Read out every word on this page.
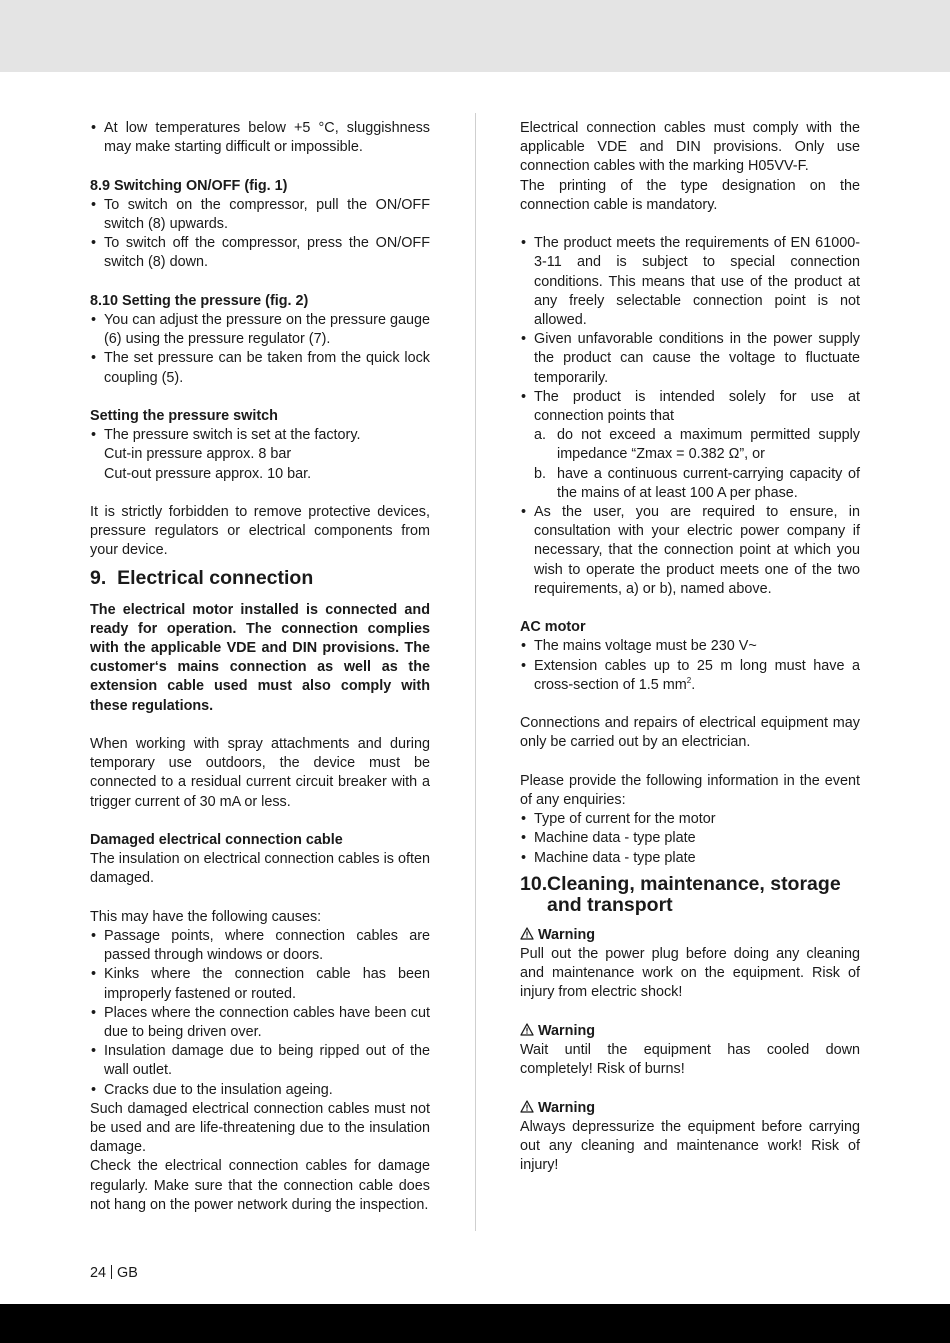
• At low temperatures below +5 °C, sluggishness may make starting difficult or impossible.

8.9 Switching ON/OFF (fig. 1)

• To switch on the compressor, pull the ON/OFF switch (8) upwards.
• To switch off the compressor, press the ON/OFF switch (8) down.

8.10 Setting the pressure (fig. 2)

• You can adjust the pressure on the pressure gauge (6) using the pressure regulator (7).
• The set pressure can be taken from the quick lock coupling (5).

Setting the pressure switch

• The pressure switch is set at the factory.

Cut-in pressure approx. 8 bar

Cut-out pressure approx. 10 bar.

It is strictly forbidden to remove protective devices, pressure regulators or electrical components from your device.

9. Electrical connection

The electrical motor installed is connected and ready for operation. The connection complies with the applicable VDE and DIN provisions. The customer‘s mains connection as well as the extension cable used must also comply with these regulations.

When working with spray attachments and during temporary use outdoors, the device must be connected to a residual current circuit breaker with a trigger current of 30 mA or less.

Damaged electrical connection cable

The insulation on electrical connection cables is often damaged.

This may have the following causes:

• Passage points, where connection cables are passed through windows or doors.
• Kinks where the connection cable has been improperly fastened or routed.
• Places where the connection cables have been cut due to being driven over.
• Insulation damage due to being ripped out of the wall outlet.
• Cracks due to the insulation ageing.

Such damaged electrical connection cables must not be used and are life-threatening due to the insulation damage.

Check the electrical connection cables for damage regularly. Make sure that the connection cable does not hang on the power network during the inspection.

Electrical connection cables must comply with the applicable VDE and DIN provisions. Only use connection cables with the marking H05VV-F.

The printing of the type designation on the connection cable is mandatory.

• The product meets the requirements of EN 61000-3-11 and is subject to special connection conditions. This means that use of the product at any freely selectable connection point is not allowed.
• Given unfavorable conditions in the power supply the product can cause the voltage to fluctuate temporarily.
• The product is intended solely for use at connection points that
a. do not exceed a maximum permitted supply impedance “Zmax = 0.382 Ω”, or
b. have a continuous current-carrying capacity of the mains of at least 100 A per phase.
• As the user, you are required to ensure, in consultation with your electric power company if necessary, that the connection point at which you wish to operate the product meets one of the two requirements, a) or b), named above.

AC motor

• The mains voltage must be 230 V~
• Extension cables up to 25 m long must have a cross-section of 1.5 $mm^2$.

Connections and repairs of electrical equipment may only be carried out by an electrician.

Please provide the following information in the event of any enquiries:

• Type of current for the motor
• Machine data - type plate
• Machine data - type plate
10. Cleaning, maintenance, storage
and transport

Warning

Pull out the power plug before doing any cleaning and maintenance work on the equipment. Risk of injury from electric shock!

Warning

Wait until the equipment has cooled down completely! Risk of burns!

Warning

Always depressurize the equipment before carrying out any cleaning and maintenance work! Risk of injury!

24 GB
